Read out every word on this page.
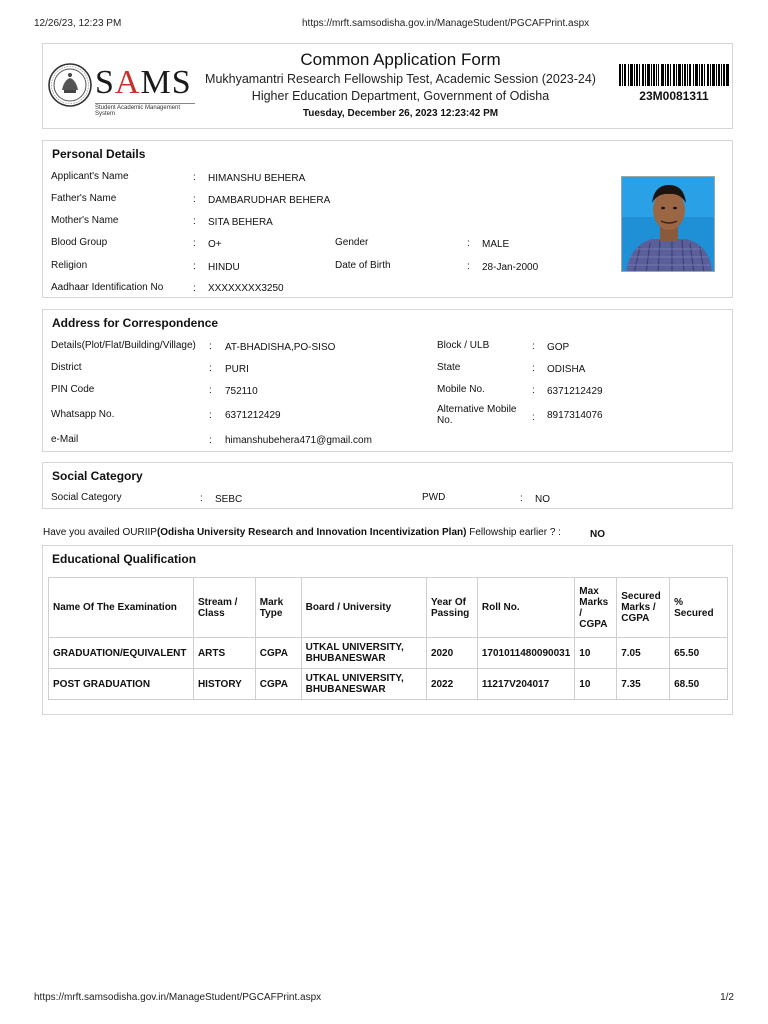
12/26/23, 12:23 PM	https://mrft.samsodisha.gov.in/ManageStudent/PGCAFPrint.aspx
SAMS
Student Academic Management System
Common Application Form
Mukhyamantri Research Fellowship Test, Academic Session (2023-24)
Higher Education Department, Government of Odisha
Tuesday, December 26, 2023 12:23:42 PM
23M0081311
Personal Details
Applicant's Name	: HIMANSHU BEHERA
Father's Name	: DAMBARUDHAR BEHERA
Mother's Name	: SITA BEHERA
Blood Group	: O+	Gender	: MALE
Religion	: HINDU	Date of Birth	: 28-Jan-2000
Aadhaar Identification No	: XXXXXXXX3250
Address for Correspondence
Details(Plot/Flat/Building/Village) : AT-BHADISHA,PO-SISO	Block / ULB	: GOP
District	: PURI	State	: ODISHA
PIN Code	: 752110	Mobile No.	: 6371212429
Whatsapp No.	: 6371212429
Alternative Mobile
No.	: 8917314076
e-Mail	: himanshubehera471@gmail.com
Social Category
Social Category	: SEBC	PWD	: NO
Have you availed OURIIP(Odisha University Research and Innovation Incentivization Plan) Fellowship earlier ? :	NO
Educational Qualification
Name Of The Examination	Stream / Class	Mark Type	Board / University	Year Of Passing	Roll No.	Max Marks / CGPA	Secured Marks / CGPA	% Secured
GRADUATION/EQUIVALENT	ARTS	CGPA	UTKAL UNIVERSITY, BHUBANESWAR	2020	1701011480090031	10	7.05	65.50
POST GRADUATION	HISTORY	CGPA	UTKAL UNIVERSITY, BHUBANESWAR	2022	11217V204017	10	7.35	68.50
https://mrft.samsodisha.gov.in/ManageStudent/PGCAFPrint.aspx	1/2
